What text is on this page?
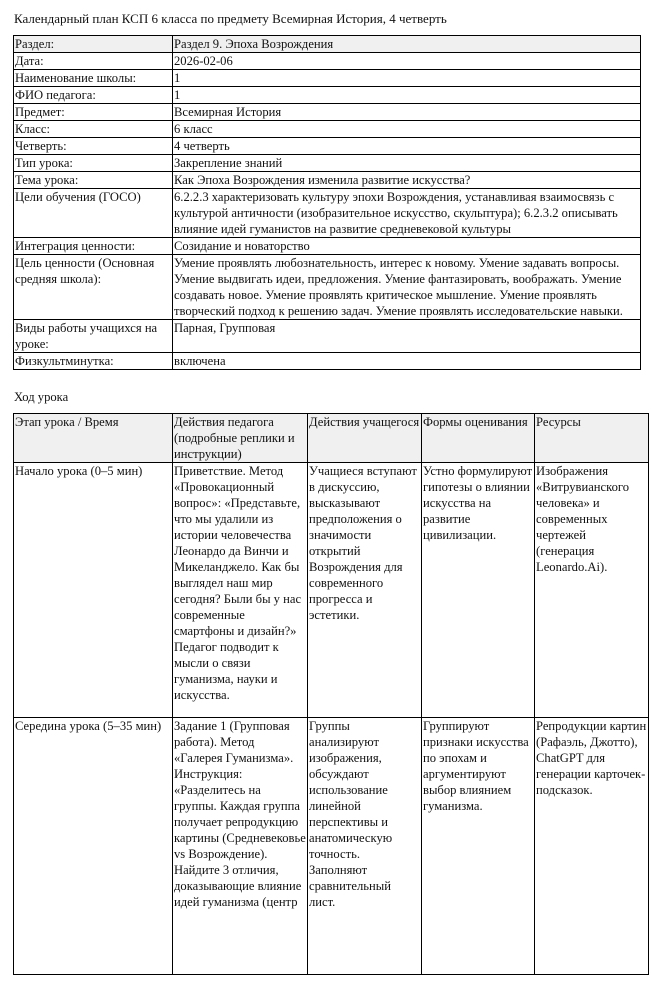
Календарный план КСП 6 класса по предмету Всемирная История, 4 четверть
Раздел:	Раздел 9. Эпоха Возрождения
Дата:	2026-02-06
Наименование школы:	1
ФИО педагога:	1
Предмет:	Всемирная История
Класс:	6 класс
Четверть:	4 четверть
Тип урока:	Закрепление знаний
Тема урока:	Как Эпоха Возрождения изменила развитие искусства?
Цели обучения (ГОСО)	6.2.2.3 характеризовать культуру эпохи Возрождения, устанавливая взаимосвязь с культурой античности (изобразительное искусство, скульптура); 6.2.3.2 описывать влияние идей гуманистов на развитие средневековой культуры
Интеграция ценности:	Созидание и новаторство
Цель ценности (Основная средняя школа):	Умение проявлять любознательность, интерес к новому. Умение задавать вопросы. Умение выдвигать идеи, предложения. Умение фантазировать, воображать. Умение создавать новое. Умение проявлять критическое мышление. Умение проявлять творческий подход к решению задач. Умение проявлять исследовательские навыки.
Виды работы учащихся на уроке:	Парная, Групповая
Физкультминутка:	включена
Ход урока
Этап урока / Время	Действия педагога (подробные реплики и инструкции)	Действия учащегося	Формы оценивания	Ресурсы
Начало урока (0–5 мин)	Приветствие. Метод «Провокационный вопрос»: «Представьте, что мы удалили из истории человечества Леонардо да Винчи и Микеланджело. Как бы выглядел наш мир сегодня? Были бы у нас современные смартфоны и дизайн?» Педагог подводит к мысли о связи гуманизма, науки и искусства.	Учащиеся вступают в дискуссию, высказывают предположения о значимости открытий Возрождения для современного прогресса и эстетики.	Устно формулируют гипотезы о влиянии искусства на развитие цивилизации.	Изображения «Витрувианского человека» и современных чертежей (генерация Leonardo.Ai).
Середина урока (5–35 мин)	Задание 1 (Групповая работа). Метод «Галерея Гуманизма». Инструкция: «Разделитесь на группы. Каждая группа получает репродукцию картины (Средневековье vs Возрождение). Найдите 3 отличия, доказывающие влияние идей гуманизма (центр	Группы анализируют изображения, обсуждают использование линейной перспективы и анатомическую точность. Заполняют сравнительный лист.	Группируют признаки искусства по эпохам и аргументируют выбор влиянием гуманизма.	Репродукции картин (Рафаэль, Джотто), ChatGPT для генерации карточек-подсказок.
